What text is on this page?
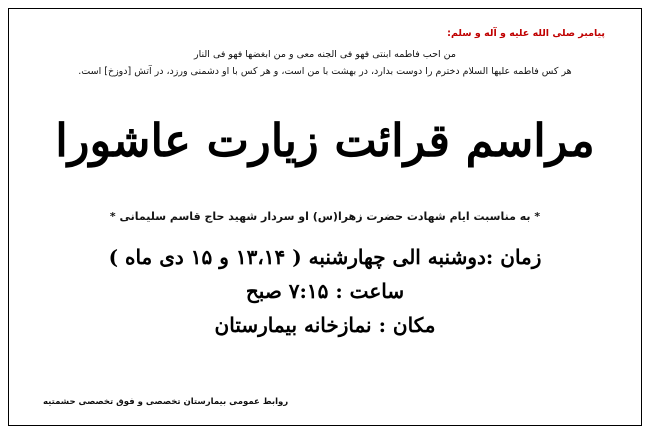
پیامبر صلی الله علیه و آله و سلم:

من احب فاطمه ابنتی فهو فی الجنه معی و من ابغضها فهو فی النار

هر کس فاطمه علیها السلام دخترم را دوست بدارد، در بهشت با من است، و هر کس با او دشمنی ورزد، در آتش [دوزخ] است.

مراسم قرائت زیارت عاشورا
* به مناسبت ایام شهادت حضرت زهرا(س) او سردار شهید حاج قاسم سلیمانی *

زمان :دوشنبه الی چهارشنبه ( ۱۳،۱۴ و ۱۵ دی ماه )

ساعت : ۷:۱۵ صبح

مکان : نمازخانه بیمارستان

روابط عمومی بیمارستان تخصصی و فوق تخصصی حشمتیه
